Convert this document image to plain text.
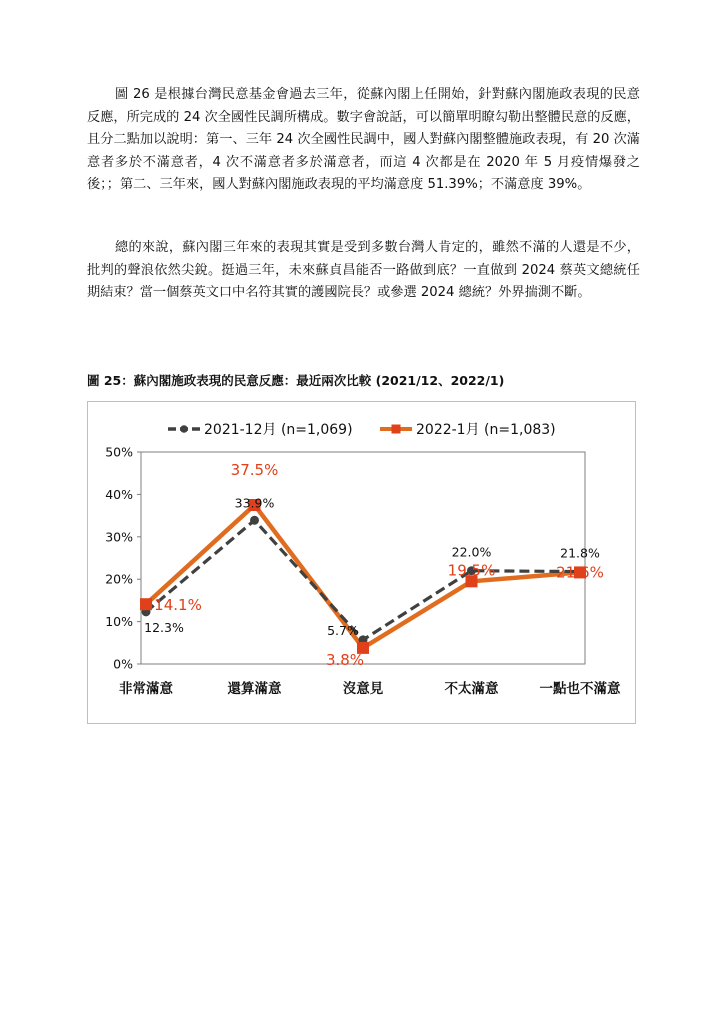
圖 26 是根據台灣民意基金會過去三年，從蘇內閣上任開始，針對蘇內閣施政表現的民意反應，所完成的 24 次全國性民調所構成。數字會說話，可以簡單明瞭勾勒出整體民意的反應，且分二點加以說明：第一、三年 24 次全國性民調中，國人對蘇內閣整體施政表現，有 20 次滿意者多於不滿意者，4 次不滿意者多於滿意者，而這 4 次都是在 2020 年 5 月疫情爆發之後；；第二、三年來，國人對蘇內閣施政表現的平均滿意度 51.39%；不滿意度 39%。

總的來說，蘇內閣三年來的表現其實是受到多數台灣人肯定的，雖然不滿的人還是不少，批判的聲浪依然尖銳。挺過三年，未來蘇貞昌能否一路做到底？一直做到 2024 蔡英文總統任期結束？當一個蔡英文口中名符其實的護國院長？或參選 2024 總統？外界揣測不斷。

圖 25：蘇內閣施政表現的民意反應：最近兩次比較 (2021/12、2022/1)
2021-12月 (n=1,069)	2022-1月 (n=1,083)
0%
10%
20%
30%
40%
50%
非常滿意	還算滿意	沒意見	不太滿意	一點也不滿意
12.3%
33.9%
5.7%
22.0%	21.8%
14.1%
37.5%
3.8%
19.5%	21.6%
